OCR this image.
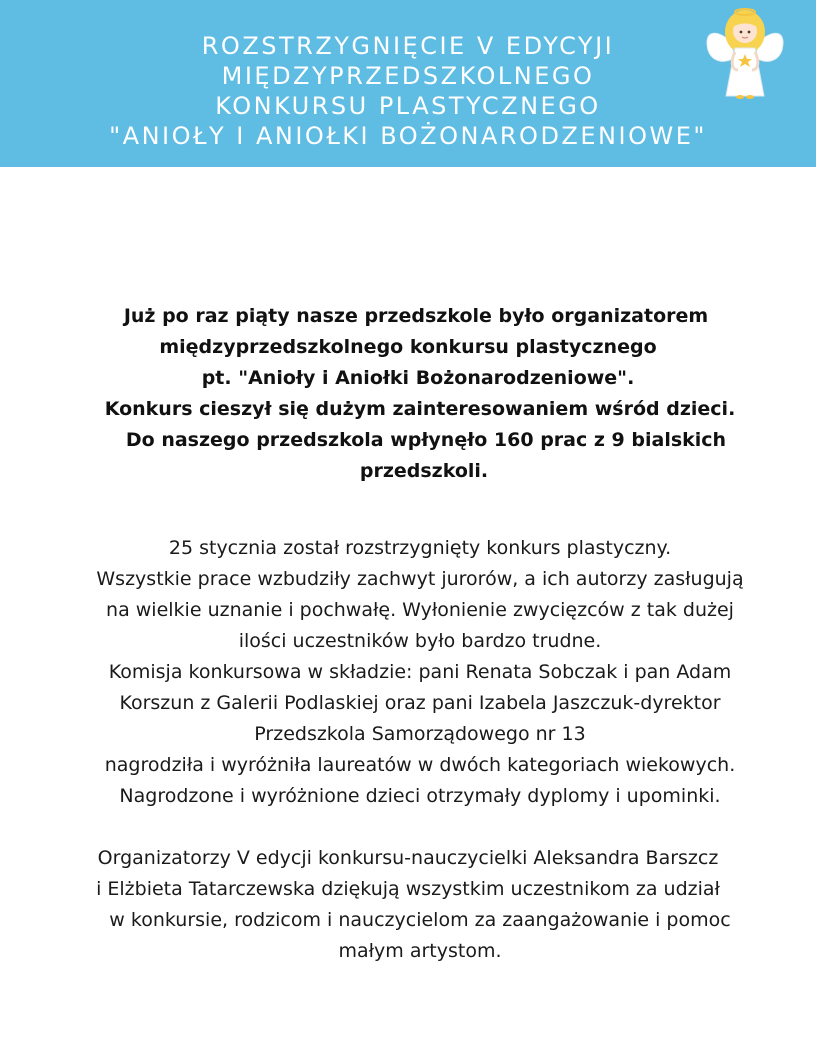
ROZSTRZYGNIĘCIE V EDYCYJI
MIĘDZYPRZEDSZKOLNEGO
KONKURSU PLASTYCZNEGO
"ANIOŁY I ANIOŁKI BOŻONARODZENIOWE"
Już po raz piąty nasze przedszkole było organizatorem
międzyprzedszkolnego konkursu plastycznego
pt. "Anioły i Aniołki Bożonarodzeniowe".
Konkurs cieszył się dużym zainteresowaniem wśród dzieci.
Do naszego przedszkola wpłynęło 160 prac z 9 bialskich
przedszkoli.
25 stycznia został rozstrzygnięty konkurs plastyczny.
Wszystkie prace wzbudziły zachwyt jurorów, a ich autorzy zasługują
na wielkie uznanie i pochwałę. Wyłonienie zwycięzców z tak dużej
ilości uczestników było bardzo trudne.
Komisja konkursowa w składzie: pani Renata Sobczak i pan Adam
Korszun z Galerii Podlaskiej oraz pani Izabela Jaszczuk-dyrektor
Przedszkola Samorządowego nr 13
nagrodziła i wyróżniła laureatów w dwóch kategoriach wiekowych.
Nagrodzone i wyróżnione dzieci otrzymały dyplomy i upominki.
Organizatorzy V edycji konkursu-nauczycielki Aleksandra Barszcz
i Elżbieta Tatarczewska dziękują wszystkim uczestnikom za udział
w konkursie, rodzicom i nauczycielom za zaangażowanie i pomoc
małym artystom.
